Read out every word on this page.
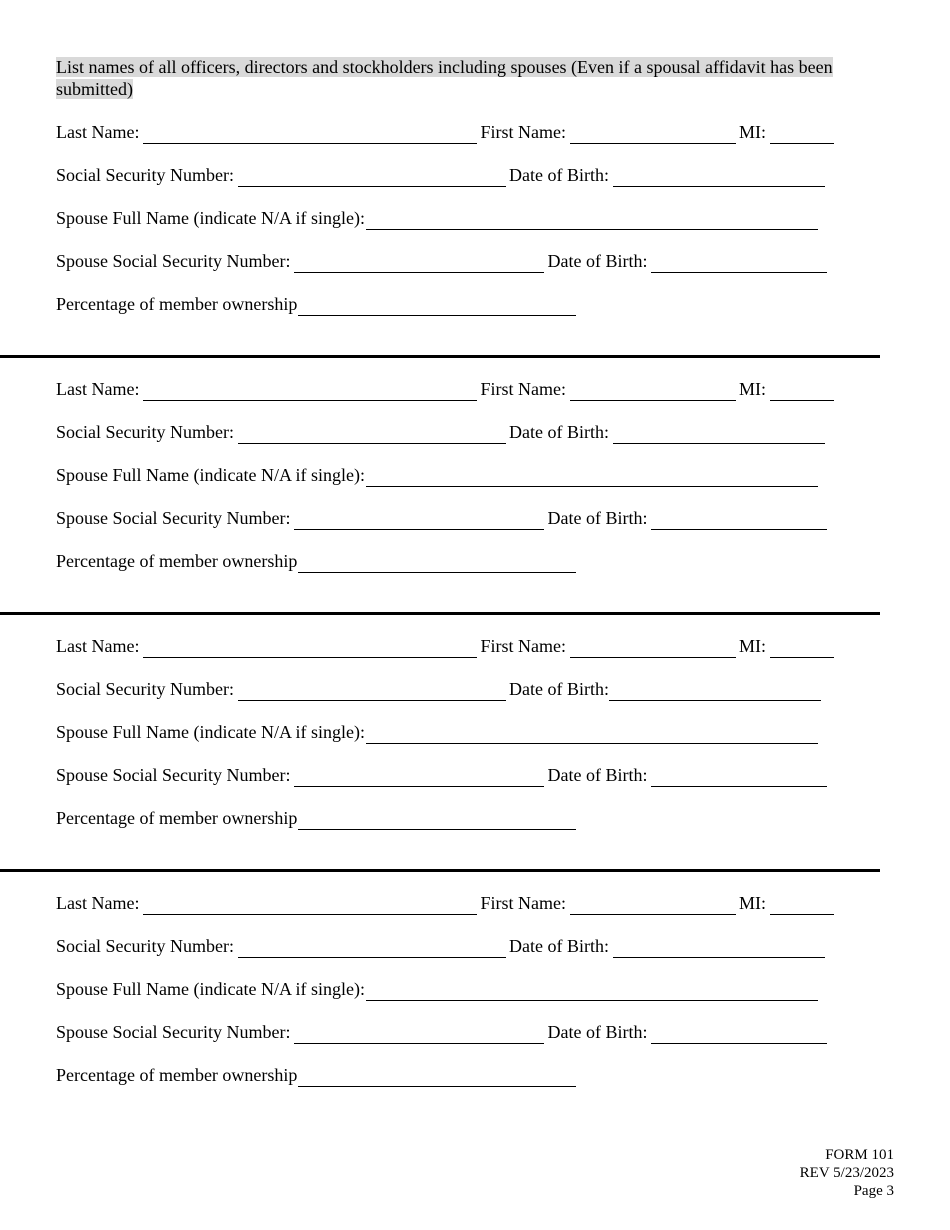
List names of all officers, directors and stockholders including spouses (Even if a spousal affidavit has been submitted)
Last Name:	First Name:	MI:
Social Security Number:	Date of Birth:
Spouse Full Name (indicate N/A if single):
Spouse Social Security Number:	Date of Birth:
Percentage of member ownership
Last Name:	First Name:	MI:
Social Security Number:	Date of Birth:
Spouse Full Name (indicate N/A if single):
Spouse Social Security Number:	Date of Birth:
Percentage of member ownership
Last Name:	First Name:	MI:
Social Security Number:	Date of Birth:
Spouse Full Name (indicate N/A if single):
Spouse Social Security Number:	Date of Birth:
Percentage of member ownership
Last Name:	First Name:	MI:
Social Security Number:	Date of Birth:
Spouse Full Name (indicate N/A if single):
Spouse Social Security Number:	Date of Birth:
Percentage of member ownership
FORM 101
REV 5/23/2023
Page 3
